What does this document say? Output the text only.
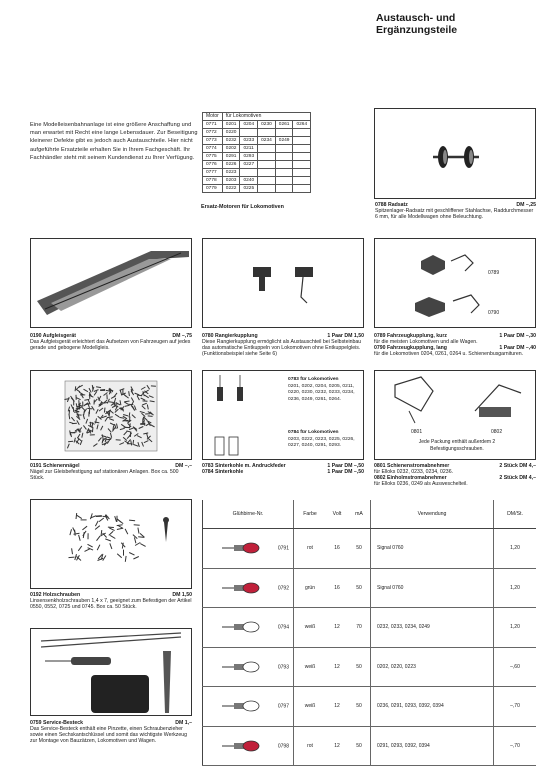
Austausch- und
Ergänzungsteile
Eine Modelleisenbahnanlage ist eine größere Anschaffung und man erwartet mit Recht eine lange Lebensdauer. Zur Beseitigung kleinerer Defekte gibt es jedoch auch Austauschteile. Hier nicht aufgeführte Ersatzteile erhalten Sie in Ihrem Fachgeschäft. Ihr Fachhändler steht mit seinem Kundendienst zu Ihrer Verfügung.
Motor	für Lokomotiven				
0771	0201	0204	0230	0261	0264
0772	0220				
0773	0232	0233	0234	0249	
0774	0202	0211			
0775	0291	0293			
0776	0226	0227			
0777	0223				
0778	0203	0240			
0779	0222	0225			
Ersatz-Motoren für Lokomotiven	0788 Radsatz	DM –,25
Spitzenlager-Radsatz mit geschliffener Stahlachse, Raddurchmesser 6 mm, für alle Modellwagen ohne Beleuchtung.
0190 Aufgleisgerät	DM –,75
Das Aufgleisgerät erleichtert das Aufsetzen von Fahrzeugen auf jedes gerade und gebogene Modellgleis.
0780 Rangierkupplung	1 Paar DM 1,50
Diese Rangierkupplung ermöglicht als Austauschteil bei Selbsteinbau das automatische Entkuppeln von Lokomotiven ohne Entkuppelgleis. (Funktionsbeispiel siehe Seite 6)
0789
0790
0789 Fahrzeugkupplung, kurz	1 Paar DM –,30
für die meisten Lokomotiven und alle Wagen.
0790 Fahrzeugkupplung, lang	1 Paar DM –,40
für die Lokomotiven 0204, 0261, 0264 u. Schienenbusgarnituren.
0191 Schienennägel	DM –,–
Nägel zur Gleisbefestigung auf stationären Anlagen. Box ca. 500 Stück.
0783 für Lokomotiven
0201, 0202, 0204, 0205, 0211, 0220, 0230, 0232, 0233, 0234, 0236, 0249, 0261, 0264.
0784 für Lokomotiven
0203, 0222, 0223, 0225, 0226, 0227, 0240, 0291, 0293.
0783 Sinterkohle m. Andruckfeder	1 Paar DM –,50
0784 Sinterkohle	1 Paar DM –,50
0801	0802
Jede Packung enthält außerdem 2 Befestigungsschrauben.
0801 Schienenstromabnehmer	2 Stück DM 4,–
für Elloks 0232, 0233, 0234, 0236.
0802 Einholmstromabnehmer	2 Stück DM 4,–
für Elloks 0236, 0249 als Ausweschelteil.
0192 Holzschrauben	DM 1,50
Linsensenkholzschrauben 1,4 x 7, geeignet zum Befestigen der Artikel 0550, 0552, 0725 und 0745. Box ca. 50 Stück.
0759 Service-Besteck	DM 1,–
Das Service-Besteck enthält eine Pinzette, einen Schraubenzieher sowie einen Sechskantschlüssel und somit das wichtigste Werkzeug zur Montage von Bauzätzen, Lokomotiven und Wagen.
Glühbirne-Nr.	Farbe	Volt	mA	Verwendung	DM/St.
0791	rot	16	50	Signal 0760	1,20
0792	grün	16	50	Signal 0760	1,20
0794	weiß	12	70	0232, 0233, 0234, 0249	1,20
0793	weiß	12	50	0202, 0220, 0223	–,60
0797	weiß	12	50	0236, 0291, 0293, 0392, 0394	–,70
0798	rot	12	50	0291, 0293, 0392, 0394	–,70
